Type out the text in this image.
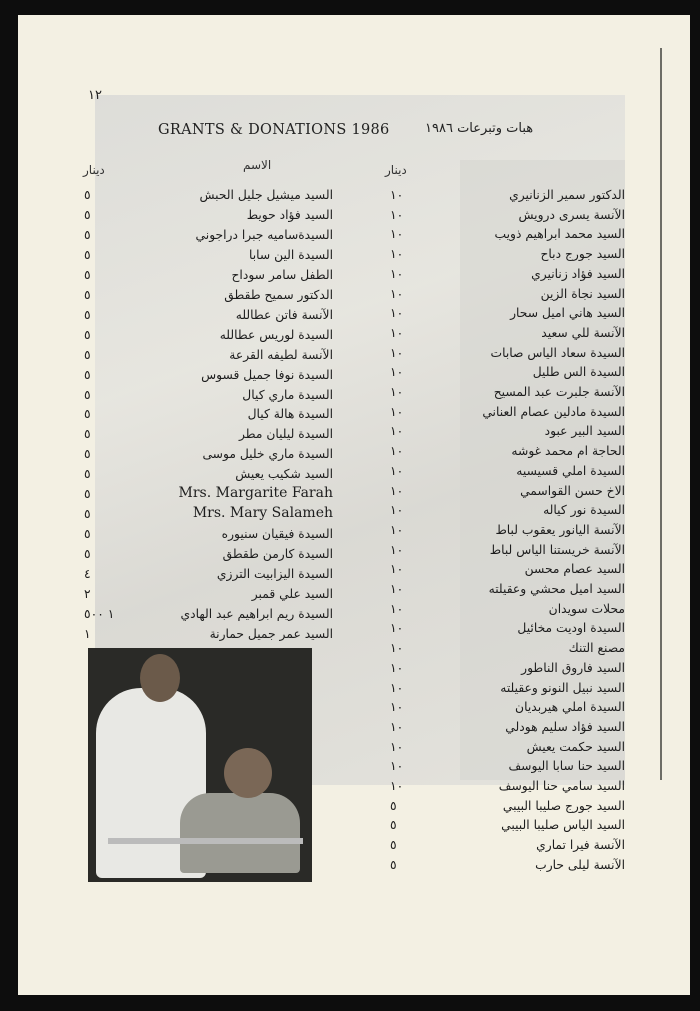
١٢
GRANTS & DONATIONS 1986	هبات وتبرعات ١٩٨٦
دينار
الاسم
دينار
١٠	الدكتور سمير الزنانيري
١٠	الآنسة يسرى درويش
١٠	السيد محمد ابراهيم ذويب
١٠	السيد جورج دباح
١٠	السيد فؤاد زنانيري
١٠	السيد نجاة الزين
١٠	السيد هاني اميل سحار
١٠	الآنسة للي سعيد
١٠	السيدة سعاد الياس صابات
١٠	السيدة الس طليل
١٠	الآنسة جلبرت عبد المسيح
١٠	السيدة مادلين عصام العناني
١٠	السيد البير عبود
١٠	الحاجة ام محمد غوشه
١٠	السيدة املي قسيسيه
١٠	الاخ حسن القواسمي
١٠	السيدة نور كياله
١٠	الآنسة اليانور يعقوب لباط
١٠	الآنسة خريستنا الياس لباط
١٠	السيد عصام محسن
١٠	السيد اميل محشي وعقيلته
١٠	محلات سويدان
١٠	السيدة اوديت مخائيل
١٠	مصنع التنك
١٠	السيد فاروق الناطور
١٠	السيد نبيل النونو وعقيلته
١٠	السيدة املي هيربديان
١٠	السيد فؤاد سليم هودلي
١٠	السيد حكمت يعيش
١٠	السيد حنا سابا اليوسف
١٠	السيد سامي حنا اليوسف
٥	السيد جورج صليبا البيبي
٥	السيد الياس صليبا البيبي
٥	الآنسة فيرا تماري
٥	الآنسة ليلى حارب
٥	السيد ميشيل جليل الحبش
٥	السيد فؤاد حويط
٥	السيدةساميه جبرا دراجوني
٥	السيدة الين سابا
٥	الطفل سامر سوداح
٥	الدكتور سميح طقطق
٥	الآنسة فاتن عطالله
٥	السيدة لوريس عطالله
٥	الآنسة لطيفه القرعة
٥	السيدة نوفا جميل قسوس
٥	السيدة ماري كيال
٥	السيدة هالة كيال
٥	السيدة ليليان مطر
٥	السيدة ماري خليل موسى
٥	السيد شكيب يعيش
٥	Mrs. Margarite Farah
٥	Mrs. Mary Salameh
٥	السيدة فيقيان سنيوره
٥	السيدة كارمن طقطق
٤	السيدة اليزابيت الترزي
٢	السيد علي قمبر
١ ٥٠٠	السيدة ريم ابراهيم عبد الهادي
١	السيد عمر جميل حمارنة
